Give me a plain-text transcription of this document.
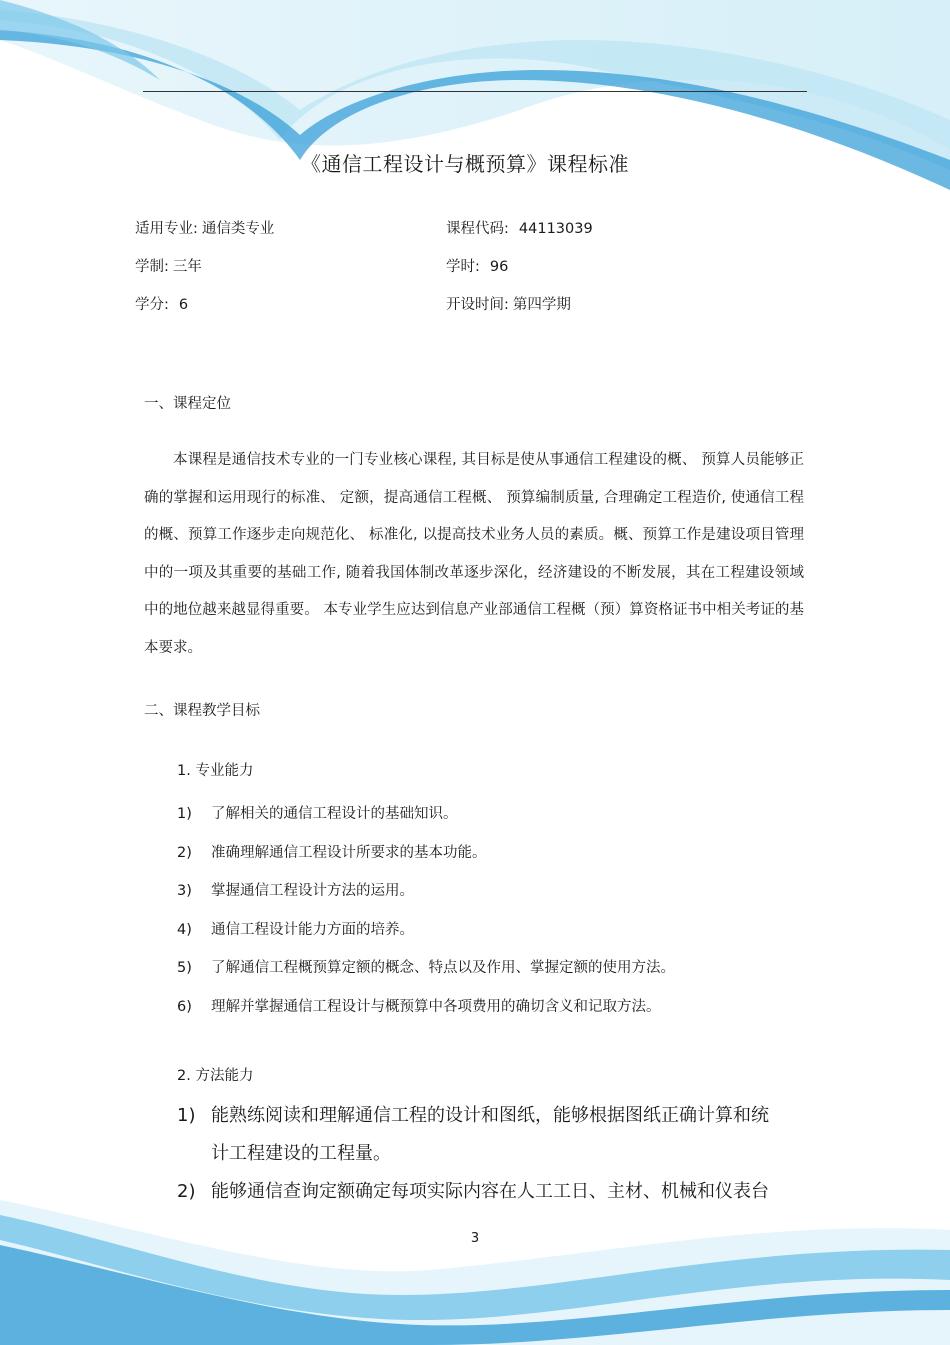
《通信工程设计与概预算》课程标准
适用专业: 通信类专业	课程代码: 44113039
学制: 三年	学时: 96
学分: 6	开设时间: 第四学期
一、课程定位
本课程是通信技术专业的一门专业核心课程, 其目标是使从事通信工程建设的概、 预算人员能够正确的掌握和运用现行的标准、 定额，提高通信工程概、 预算编制质量, 合理确定工程造价, 使通信工程的概、预算工作逐步走向规范化、 标准化, 以提高技术业务人员的素质。概、预算工作是建设项目管理中的一项及其重要的基础工作, 随着我国体制改革逐步深化，经济建设的不断发展，其在工程建设领域中的地位越来越显得重要。 本专业学生应达到信息产业部通信工程概（预）算资格证书中相关考证的基本要求。
二、课程教学目标
1. 专业能力
1) 了解相关的通信工程设计的基础知识。
2) 准确理解通信工程设计所要求的基本功能。
3) 掌握通信工程设计方法的运用。
4) 通信工程设计能力方面的培养。
5) 了解通信工程概预算定额的概念、特点以及作用、掌握定额的使用方法。
6) 理解并掌握通信工程设计与概预算中各项费用的确切含义和记取方法。
2. 方法能力
1) 能熟练阅读和理解通信工程的设计和图纸，能够根据图纸正确计算和统计工程建设的工程量。
2) 能够通信查询定额确定每项实际内容在人工工日、主材、机械和仪表台
3
